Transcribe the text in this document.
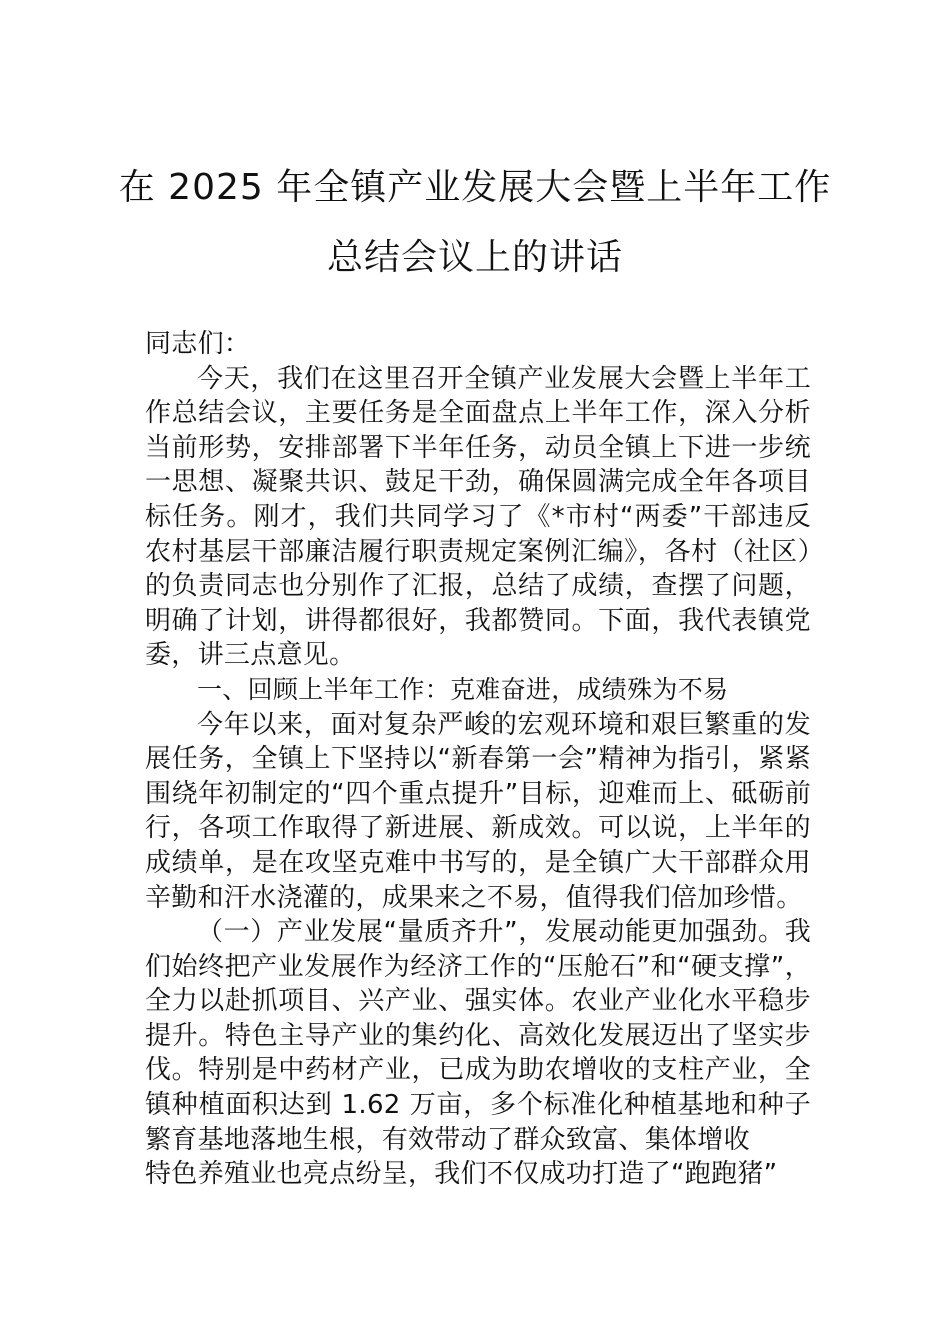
在 2025 年全镇产业发展大会暨上半年工作
总结会议上的讲话

同志们：

今天，我们在这里召开全镇产业发展大会暨上半年工作总结会议，主要任务是全面盘点上半年工作，深入分析当前形势，安排部署下半年任务，动员全镇上下进一步统一思想、凝聚共识、鼓足干劲，确保圆满完成全年各项目标任务。刚才，我们共同学习了《*市村“两委”干部违反农村基层干部廉洁履行职责规定案例汇编》，各村（社区）的负责同志也分别作了汇报，总结了成绩，查摆了问题，明确了计划，讲得都很好，我都赞同。下面，我代表镇党委，讲三点意见。

一、回顾上半年工作：克难奋进，成绩殊为不易

今年以来，面对复杂严峻的宏观环境和艰巨繁重的发展任务，全镇上下坚持以“新春第一会”精神为指引，紧紧围绕年初制定的“四个重点提升”目标，迎难而上、砥砺前行，各项工作取得了新进展、新成效。可以说，上半年的成绩单，是在攻坚克难中书写的，是全镇广大干部群众用辛勤和汗水浇灌的，成果来之不易，值得我们倍加珍惜。

（一）产业发展“量质齐升”，发展动能更加强劲。我们始终把产业发展作为经济工作的“压舱石”和“硬支撑”，全力以赴抓项目、兴产业、强实体。农业产业化水平稳步提升。特色主导产业的集约化、高效化发展迈出了坚实步伐。特别是中药材产业，已成为助农增收的支柱产业，全镇种植面积达到 1.62 万亩，多个标准化种植基地和种子繁育基地落地生根，有效带动了群众致富、集体增收

特色养殖业也亮点纷呈，我们不仅成功打造了“跑跑猪”
